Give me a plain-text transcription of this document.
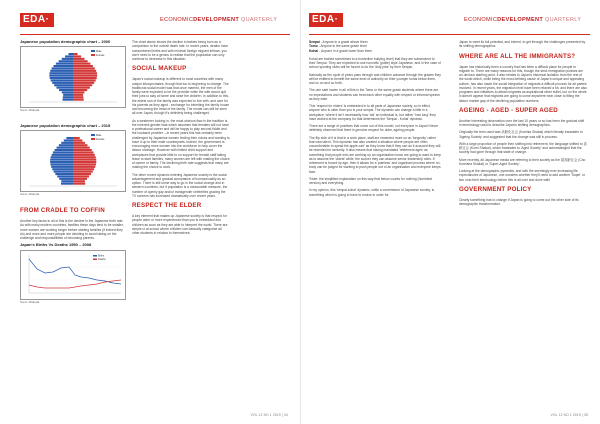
EDA·	ECONOMICDEVELOPMENT QUARTERLY
Japanese population demographic chart – 2000
Male
Female
Source: Wikipedia
Japanese population demographic chart – 2015
Male
Female
Source: Wikipedia
FROM CRADLE TO COFFIN

Another key factor in all of this is the decline in the Japanese birth rate. As with many modern countries, families these days tend to be smaller, more women are working longer before starting families (if indeed they do) and more and more people are deciding to avoid taking on the challenge and responsibilities of becoming parents.

Japan's Births Vs Deaths 1950 – 2008
Births
Deaths
Source: Wikipedia

The chart above shows the decline in babies being born as a comparison to the overall death rate. In recent years, deaths have outnumbered births and with minimal foreign migrant inflows, you don't need to be a genius to realise that the population can only continue to decrease in this situation.

SOCIAL MAKEUP

Japan's social makeup is different to most countries with many unique idiosyncrasies, though that too is beginning to change. The traditional social model was that once married, the men of the family were expected to be the provider while the wife would quit their jobs to stay at home and raise the children. In addition to this, the eldest son of the family was expected to live with, and care for his parents as they aged - exchange for inheriting the family house and becoming the head of the family. The model can still be seen all over Japan, though it's definitely being challenged.

As a westerner looking in, the most obvious flaw in the tradition is the inherent gender bias which assumes that females will not have a professional career and will be happy to play second fiddle and the husband provider – in recent years this has certainly been challenged by Japanese women finding their voices and wanting to have it up to their male counterparts. Indeed, the government is encouraging more women into the workforce to help cover the labour shortage. However with limited child support and workplaces that provide little to no support for female staff taking leave to start families, many women are left with making the choice of career or family. The declining birth rate suggests that many are making the choice to work.

The other recent dynamic entering Japanese society is the social advantagement and gradual acceptance of homosexuality as an option. There is still some way to go in the social change and in western countries, but if population is a measurable measure, the number of openly gay and/or transgender celebrities gracing the TV screens has increased dramatically over recent years.

RESPECT THE ELDER

A key element that makes up Japanese society is that respect for people older or more experienced than you is embedded into children as soon as they are able to interpret the world. There are simple ui at school where children can basically categorise all other students in relation to themselves:

VOL 12 NO 1 2019 | 34
EDA·	ECONOMICDEVELOPMENT QUARTERLY

Senpai - Anyone in a grade above them
Tomo - Anyone in the same grade level
Kohai - Anyone in a grade lower than them

Kohai are trained sometimes to a borderline bullying level) that they are subservient to their Senpai. They are expected to use honorific (polite) style Japanese, and in the case of school sporting clubs will be forced to do the 'dirty jobs' by their Senpai.

Naturally as the cycle of years pass through and children advance through the grades they will be entitled to benefit the same level of authority on their younger kohai below them, and so on and so forth.

The one safe haven in all of this is the Tomo or the same grade students where there are no expectations and students can treat each other equally with respect or informal speech as they wish.

This 'respect for elders' is embedded in to all parts of Japanese society, so in effect, anyone who is older than you is your senpai. The dynamic can change a little in a workplace, where it isn't necessarily how 'old' an individual is, but rather 'how long' they have worked at the company for that determines the 'Senpai - Kohai' dynamic.

There are a range of positives that come out of this model, not everyone in Japan! Never definitely observed that there is genuine respect for older, ageing people.

The flip side of it is that in a work place, staff are rewarded more so on 'longevity' rather than raw talent. This dynamic has also created a situation where people are often uncomfortable to speak the apple cart' as they know that if they can do it accused they will be resented for seniority. It also means that having mandated 'retirement ages' as something that people who are working up an organisation know are going to want to keep as to assume the 'oldest' while, the sooner they can assume senior leadership roles. If retirement is forced by age, then it allows for a 'painless' and organised process where no-body can be judged for wanting to push people out of an organisation and everyone keeps face.

*Note: the simplified explanation on this way that below counts for nothing (humblest version) and everything.

In my opinion, this 'senpai-kohai' dynamic, while a cornerstone of Japanese society, is something which is going to have to evolve in order for

Japan to meet its full potential, and indeed, to get through the challenges presented by its shifting demographics.

WHERE ARE ALL THE IMMIGRANTS?

Japan has historically been a country that has been a difficult place for people to migrate to. There are many reasons for this, though the strict immigration policies are an obvious starting point. It also relates to Japan's historical isolation from the rest of the world which, while being the most defining cause of Japan's unique and appealing culture, has also made the social integration of migrants a difficult process for all parties involved. In recent years, the migration level have been relaxed a bit, and there are also programs and initiatives to attract migrants as aspirational silver bullet, but on the whole it doesn't appear that migrants are going to come anywhere near close to filling the labour market gap of the declining population numbers.

AGEING - AGED - SUPER AGED

Another interesting observation over the last 10 years or so has been the gradual shift in terminology used to describe Japan's shifting demographics.

Originally the term used was 高齢化社会 (Koreika Shakai) which literally translates to 'Ageing Society' and suggested that the change was still in process.

With a large proportion of people then shifting into retirement, the language shifted to 高齢社会 (Korei Shakai), which translates to 'Aged Society' and acknowledged that the society had gone through that state of change.

More recently, all Japanese media are referring to their society as the 超高齢社会 (Cho Koreisha Shakai) or 'Super-Aged Society'.

Looking at the demographic pyramids, and with the seemingly ever increasing life expectancies of Japanese, one wonders whether they'll need to add another 'Super' or two onto their terminology before this is all over and done with!

GOVERNMENT POLICY

Clearly something has to change if Japan is going to come out the other side of its demographic transformation.

VOL 12 NO 1 2019 | 35
